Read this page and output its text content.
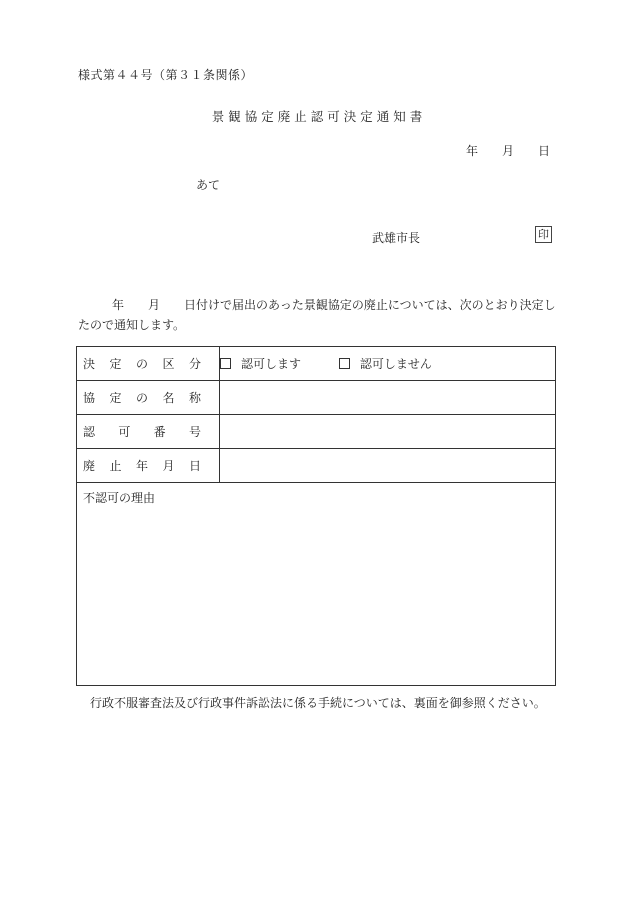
様式第４４号（第３１条関係）
景観協定廃止認可決定通知書
年 月 日
あて
武雄市長	印
年 月 日付けで届出のあった景観協定の廃止については、次のとおり決定したので通知します。
決 定 の 区 分	認可します 認可しません

協 定 の 名 称	

認 可 番 号	

廃 止 年 月 日	

不認可の理由	
行政不服審査法及び行政事件訴訟法に係る手続については、裏面を御参照ください。
